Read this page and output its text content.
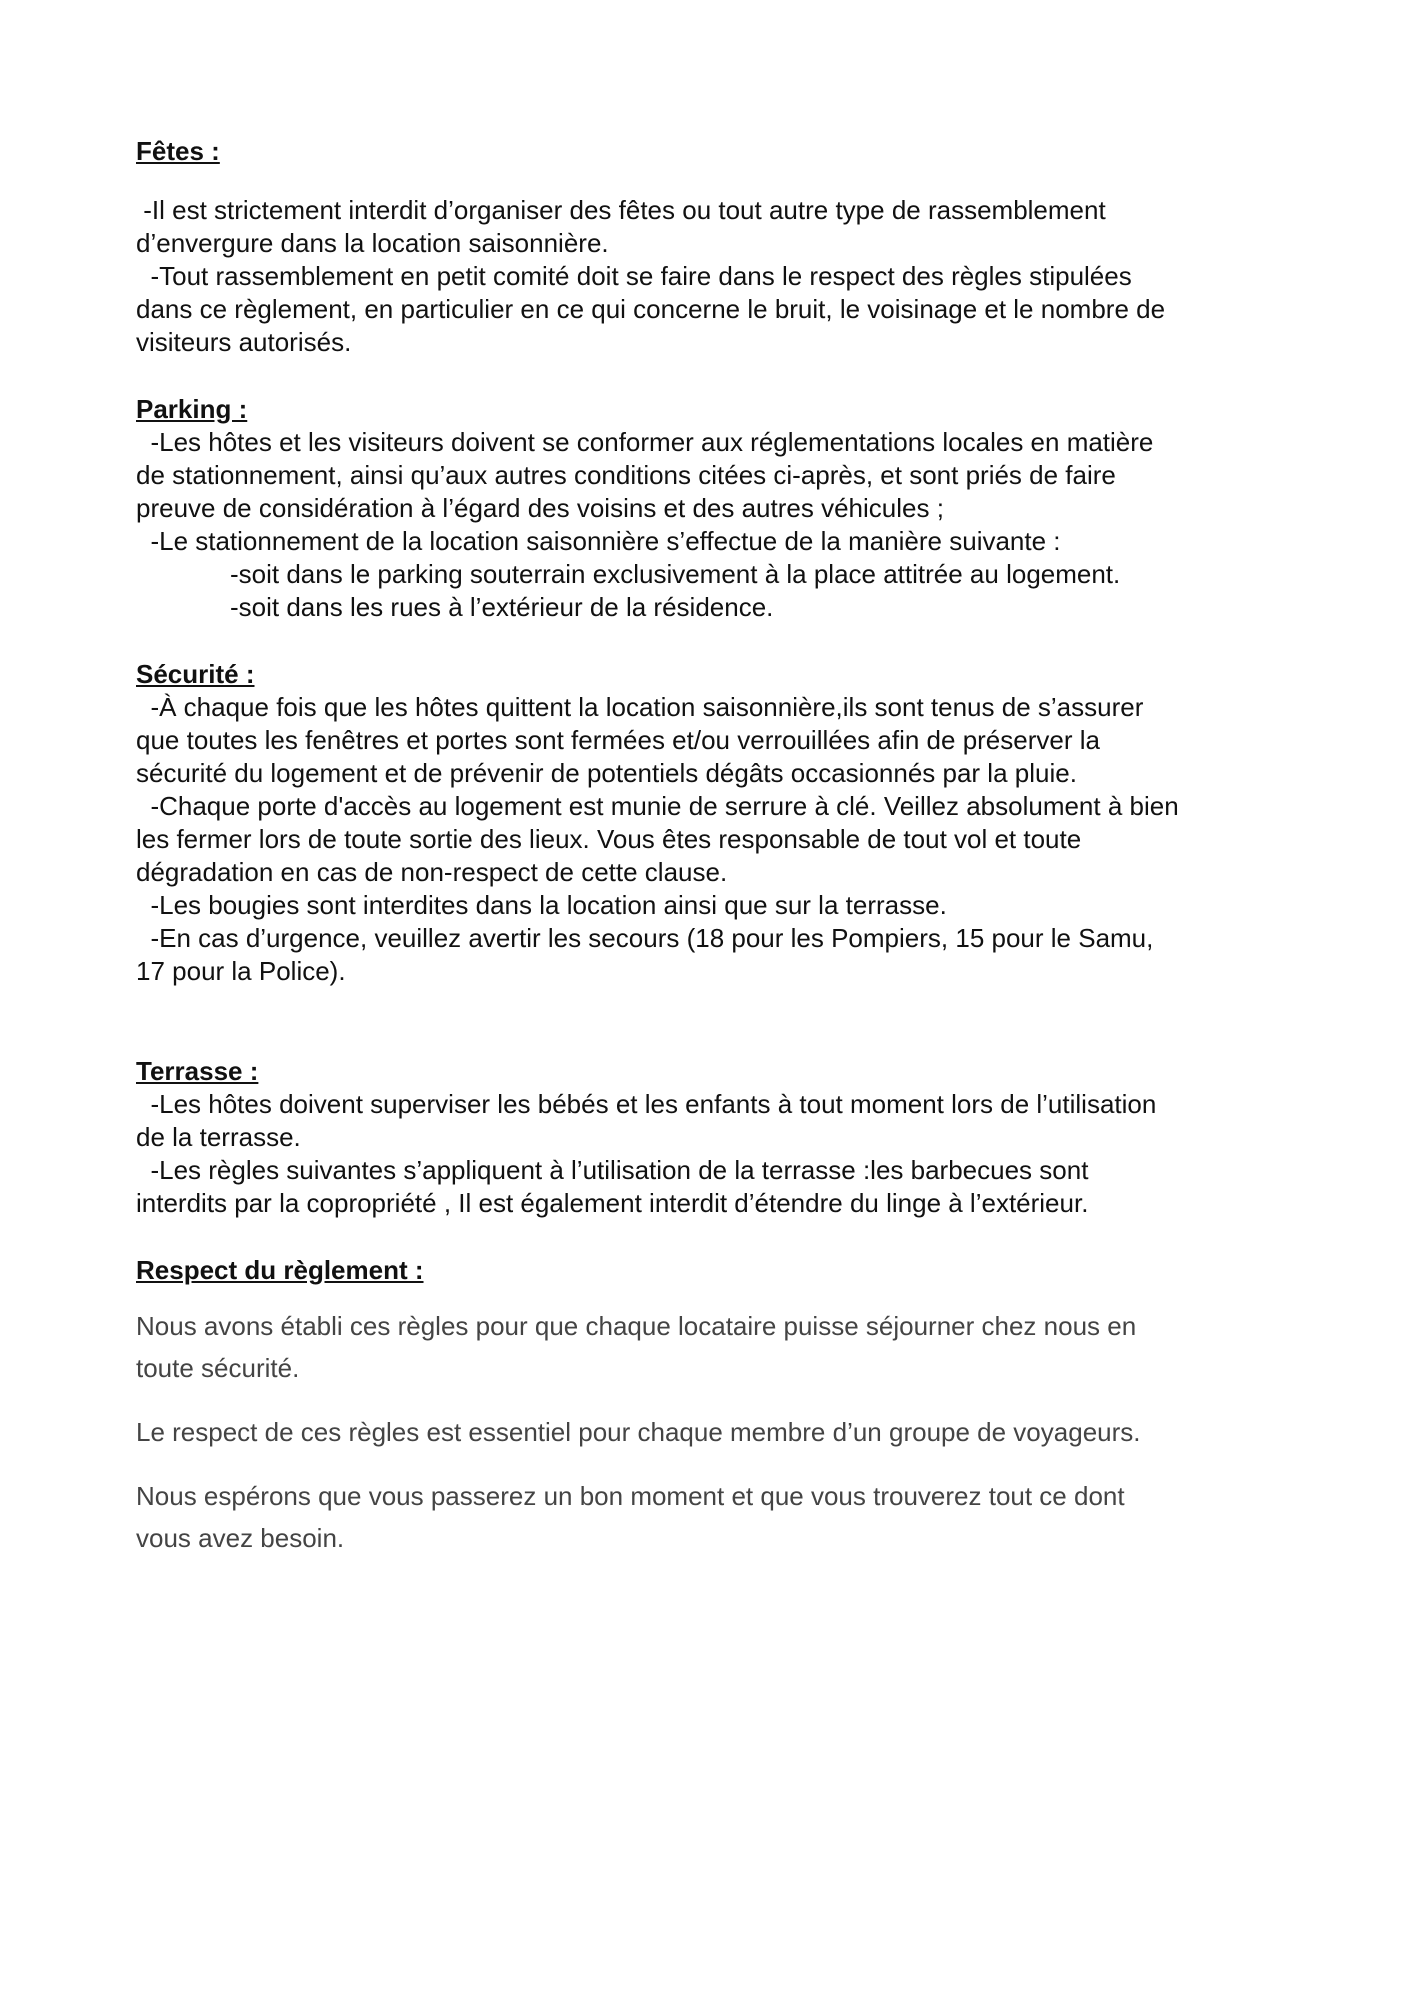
Fêtes :

-Il est strictement interdit d’organiser des fêtes ou tout autre type de rassemblement

d’envergure dans la location saisonnière.

-Tout rassemblement en petit comité doit se faire dans le respect des règles stipulées

dans ce règlement, en particulier en ce qui concerne le bruit, le voisinage et le nombre de

visiteurs autorisés.

Parking :

-Les hôtes et les visiteurs doivent se conformer aux réglementations locales en matière

de stationnement, ainsi qu’aux autres conditions citées ci-après, et sont priés de faire

preuve de considération à l’égard des voisins et des autres véhicules ;

-Le stationnement de la location saisonnière s’effectue de la manière suivante :

-soit dans le parking souterrain exclusivement à la place attitrée au logement.

-soit dans les rues à l’extérieur de la résidence.

Sécurité :

-À chaque fois que les hôtes quittent la location saisonnière,ils sont tenus de s’assurer

que toutes les fenêtres et portes sont fermées et/ou verrouillées afin de préserver la

sécurité du logement et de prévenir de potentiels dégâts occasionnés par la pluie.

-Chaque porte d'accès au logement est munie de serrure à clé. Veillez absolument à bien

les fermer lors de toute sortie des lieux. Vous êtes responsable de tout vol et toute

dégradation en cas de non-respect de cette clause.

-Les bougies sont interdites dans la location ainsi que sur la terrasse.

-En cas d’urgence, veuillez avertir les secours (18 pour les Pompiers, 15 pour le Samu,

17 pour la Police).

Terrasse :

-Les hôtes doivent superviser les bébés et les enfants à tout moment lors de l’utilisation

de la terrasse.

-Les règles suivantes s’appliquent à l’utilisation de la terrasse :les barbecues sont

interdits par la copropriété , Il est également interdit d’étendre du linge à l’extérieur.

Respect du règlement :

Nous avons établi ces règles pour que chaque locataire puisse séjourner chez nous en

toute sécurité.

Le respect de ces règles est essentiel pour chaque membre d’un groupe de voyageurs.

Nous espérons que vous passerez un bon moment et que vous trouverez tout ce dont

vous avez besoin.
